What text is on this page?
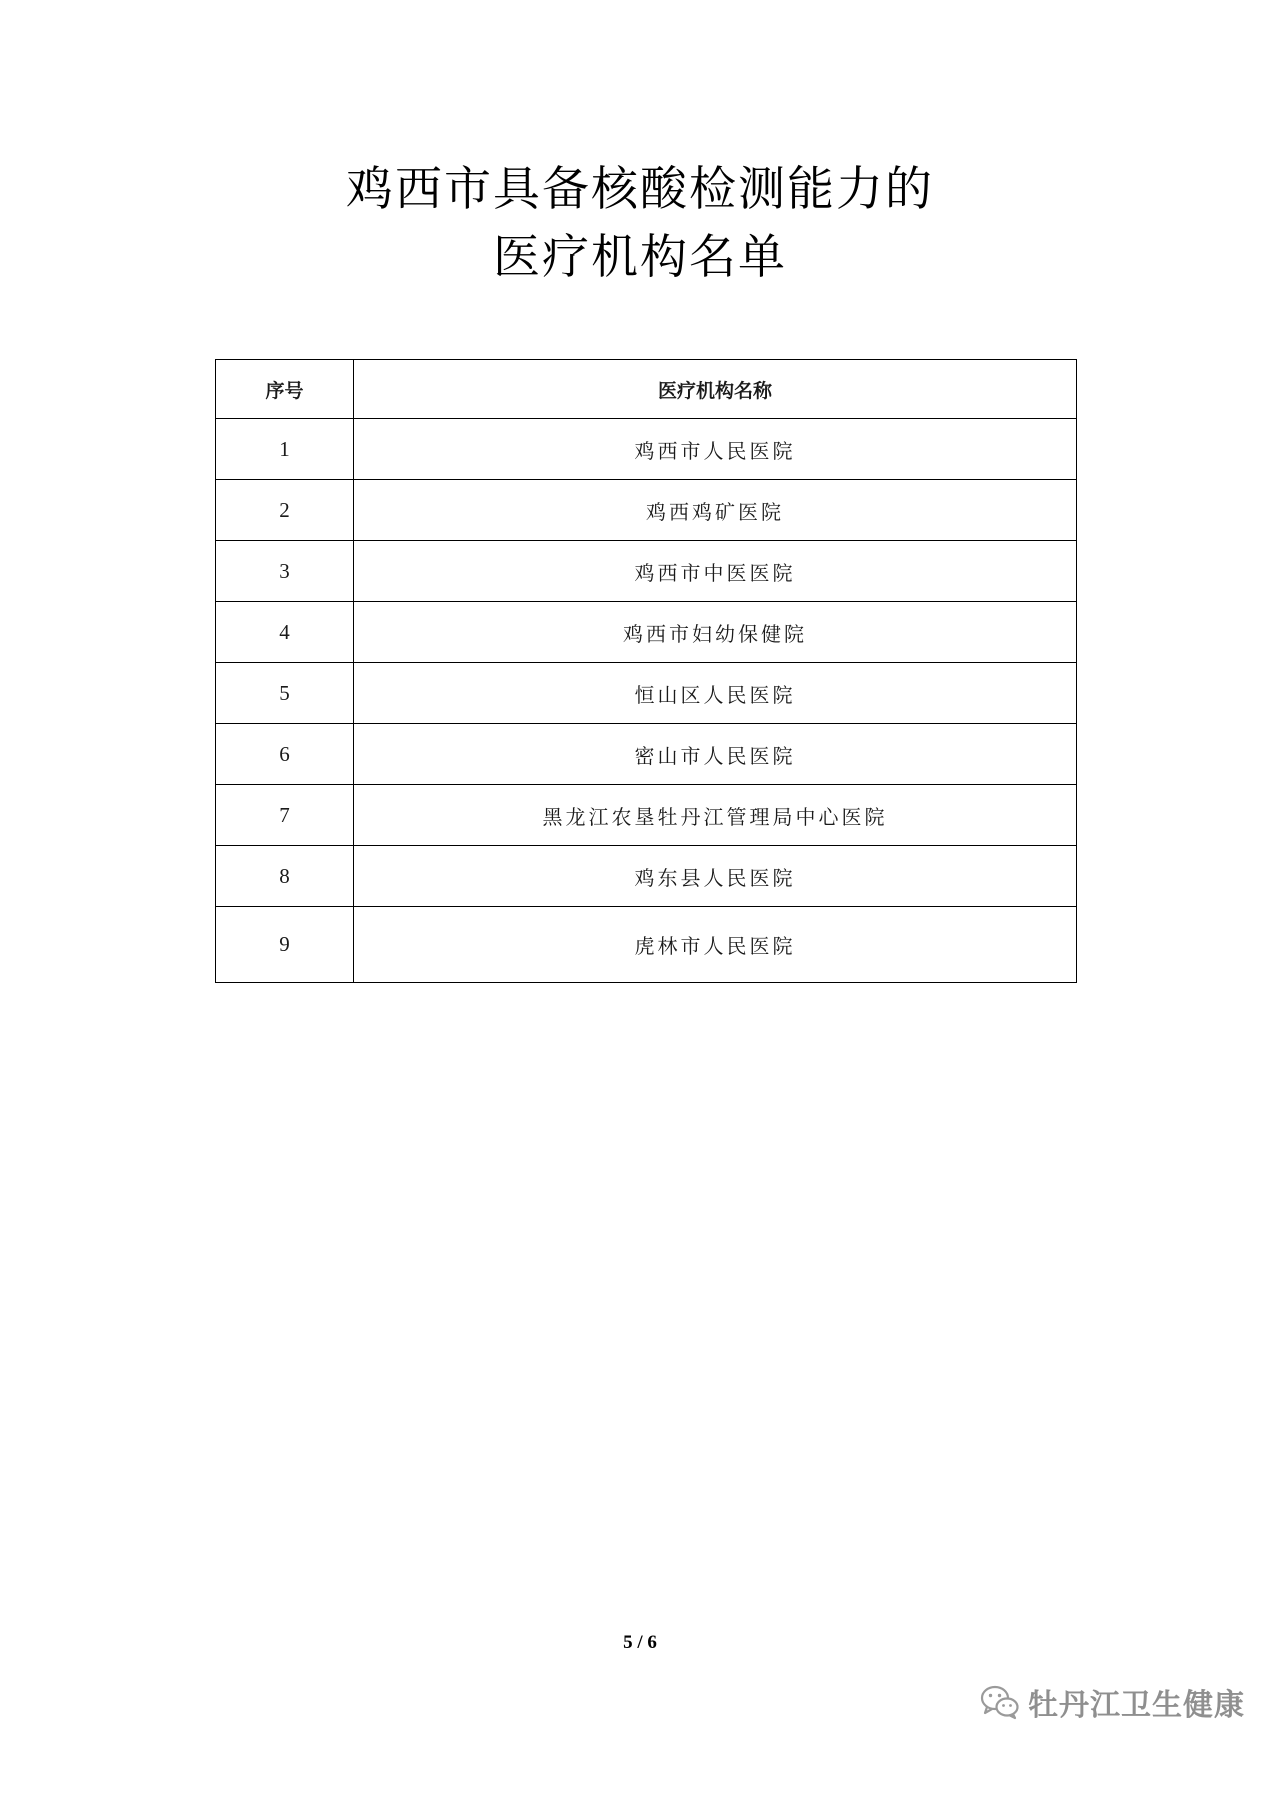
鸡西市具备核酸检测能力的
医疗机构名单
序号	医疗机构名称
1	鸡西市人民医院
2	鸡西鸡矿医院
3	鸡西市中医医院
4	鸡西市妇幼保健院
5	恒山区人民医院
6	密山市人民医院
7	黑龙江农垦牡丹江管理局中心医院
8	鸡东县人民医院
9	虎林市人民医院
5 / 6
牡丹江卫生健康
